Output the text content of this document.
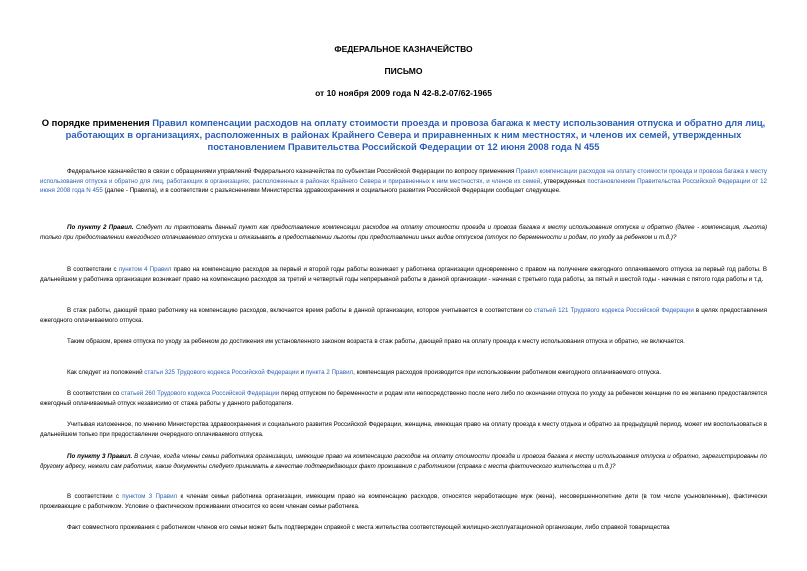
ФЕДЕРАЛЬНОЕ КАЗНАЧЕЙСТВО
ПИСЬМО
от 10 ноября 2009 года N 42-8.2-07/62-1965
О порядке применения Правил компенсации расходов на оплату стоимости проезда и провоза багажа к месту использования отпуска и обратно для лиц, работающих в организациях, расположенных в районах Крайнего Севера и приравненных к ним местностях, и членов их семей, утвержденных постановлением Правительства Российской Федерации от 12 июня 2008 года N 455
Федеральное казначейство в связи с обращениями управлений Федерального казначейства по субъектам Российской Федерации по вопросу применения Правил компенсации расходов на оплату стоимости проезда и провоза багажа к месту использования отпуска и обратно для лиц, работающих в организациях, расположенных в районах Крайнего Севера и приравненных к ним местностях, и членов их семей, утвержденных постановлением Правительства Российской Федерации от 12 июня 2008 года N 455 (далее - Правила), и в соответствии с разъяснениями Министерства здравоохранения и социального развития Российской Федерации сообщает следующее.
По пункту 2 Правил. Следует ли трактовать данный пункт как предоставление компенсации расходов на оплату стоимости проезда и провоза багажа к месту использования отпуска и обратно (далее - компенсация, льгота) только при предоставлении ежегодного оплачиваемого отпуска и отказывать в предоставлении льготы при предоставлении иных видов отпусков (отпуск по беременности и родам, по уходу за ребенком и т.д.)?
В соответствии с пунктом 4 Правил право на компенсацию расходов за первый и второй годы работы возникает у работника организации одновременно с правом на получение ежегодного оплачиваемого отпуска за первый год работы. В дальнейшем у работника организации возникает право на компенсацию расходов за третий и четвертый годы непрерывной работы в данной организации - начиная с третьего года работы, за пятый и шестой годы - начиная с пятого года работы и т.д.
В стаж работы, дающий право работнику на компенсацию расходов, включается время работы в данной организации, которое учитывается в соответствии со статьей 121 Трудового кодекса Российской Федерации в целях предоставления ежегодного оплачиваемого отпуска.
Таким образом, время отпуска по уходу за ребенком до достижения им установленного законом возраста в стаж работы, дающей право на оплату проезда к месту использования отпуска и обратно, не включается.
Как следует из положений статьи 325 Трудового кодекса Российской Федерации и пункта 2 Правил, компенсация расходов производится при использовании работником ежегодного оплачиваемого отпуска.
В соответствии со статьей 260 Трудового кодекса Российской Федерации перед отпуском по беременности и родам или непосредственно после него либо по окончании отпуска по уходу за ребенком женщине по ее желанию предоставляется ежегодный оплачиваемый отпуск независимо от стажа работы у данного работодателя.
Учитывая изложенное, по мнению Министерства здравоохранения и социального развития Российской Федерации, женщина, имеющая право на оплату проезда к месту отдыха и обратно за предыдущий период, может им воспользоваться в дальнейшем только при предоставлении очередного оплачиваемого отпуска.
По пункту 3 Правил. В случае, когда члены семьи работника организации, имеющие право на компенсацию расходов на оплату стоимости проезда и провоза багажа к месту использования отпуска и обратно, зарегистрированы по другому адресу, нежели сам работник, какие документы следует принимать в качестве подтверждающих факт проживания с работником (справка с места фактического жительства и т.д.)?
В соответствии с пунктом 3 Правил к членам семьи работника организации, имеющим право на компенсацию расходов, относятся неработающие муж (жена), несовершеннолетние дети (в том числе усыновленные), фактически проживающие с работником. Условие о фактическом проживании относится ко всем членам семьи работника.
Факт совместного проживания с работником членов его семьи может быть подтвержден справкой с места жительства соответствующей жилищно-эксплуатационной организации, либо справкой товарищества
